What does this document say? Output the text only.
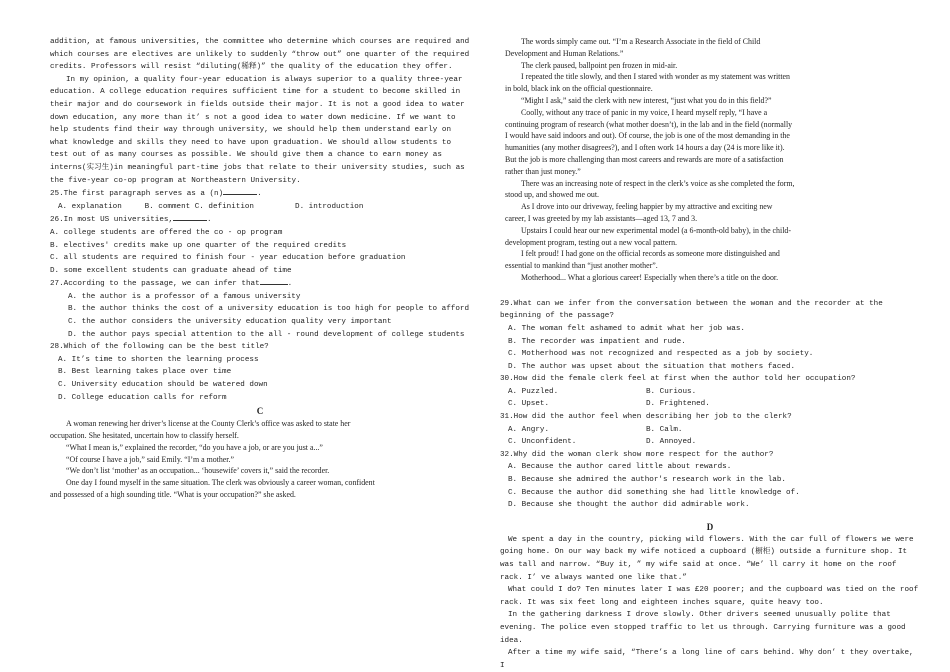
addition, at famous universities, the committee who determine which courses are required and which courses are electives are unlikely to suddenly “throw out” one quarter of the required credits. Professors will resist “diluting(稀释)” the quality of the education they offer.

In my opinion, a quality four-year education is always superior to a quality three-year education. A college education requires sufficient time for a student to become skilled in their major and do coursework in fields outside their major. It is not a good idea to water down education, any more than it’ s not a good idea to water down medicine. If we want to help students find their way through university, we should help them understand early on what knowledge and skills they need to have upon graduation. We should allow students to test out of as many courses as possible. We should give them a chance to earn money as interns(实习生)in meaningful part-time jobs that relate to their university studies, such as the five-year co-op program at Northeastern University.

25.The first paragraph serves as a (n)	.

A. explanation	B. comment C. definition	D. introduction

26.In most US universities,	.

A. college students are offered the co - op program

B. electives' credits make up one quarter of the required credits

C. all students are required to finish four - year education before graduation

D. some excellent students can graduate ahead of time

27.According to the passage, we can infer that	.

A. the author is a professor of a famous university

B. the author thinks the cost of a university education is too high for people to afford

C. the author considers the university education quality very important

D. the author pays special attention to the all - round development of college students

28.Which of the following can be the best title?

A. It’s time to shorten the learning process

B. Best learning takes place over time

C. University education should be watered down

D. College education calls for reform

C

A woman renewing her driver’s license at the County Clerk’s office was asked to state her occupation. She hesitated, uncertain how to classify herself.

“What I mean is,” explained the recorder, “do you have a job, or are you just a...”

“Of course I have a job,” said Emily. “I’m a mother.”

“We don’t list ‘mother’ as an occupation... ‘housewife’ covers it,” said the recorder.

One day I found myself in the same situation. The clerk was obviously a career woman, confident and possessed of a high sounding title. “What is your occupation?” she asked.

The words simply came out. “I’m a Research Associate in the field of Child Development and Human Relations.”

The clerk paused, ballpoint pen frozen in mid-air.

I repeated the title slowly, and then I stared with wonder as my statement was written in bold, black ink on the official questionnaire.

“Might I ask,” said the clerk with new interest, “just what you do in this field?”

Coolly, without any trace of panic in my voice, I heard myself reply, “I have a continuing program of research (what mother doesn’t), in the lab and in the field (normally I would have said indoors and out). Of course, the job is one of the most demanding in the humanities (any mother disagrees?), and I often work 14 hours a day (24 is more like it). But the job is more challenging than most careers and rewards are more of a satisfaction rather than just money.”

There was an increasing note of respect in the clerk’s voice as she completed the form, stood up, and showed me out.

As I drove into our driveway, feeling happier by my attractive and exciting new career, I was greeted by my lab assistants—aged 13, 7 and 3.

Upstairs I could hear our new experimental model (a 6-month-old baby), in the child-development program, testing out a new vocal pattern.

I felt proud! I had gone on the official records as someone more distinguished and essential to mankind than “just another mother”.

Motherhood... What a glorious career! Especially when there’s a title on the door.

29.What can we infer from the conversation between the woman and the recorder at the beginning of the passage?

A. The woman felt ashamed to admit what her job was.

B. The recorder was impatient and rude.

C. Motherhood was not recognized and respected as a job by society.

D. The author was upset about the situation that mothers faced.

30.How did the female clerk feel at first when the author told her occupation?

A. Puzzled.	B. Curious.

C. Upset.	D. Frightened.

31.How did the author feel when describing her job to the clerk?

A. Angry.	B. Calm.

C. Unconfident.	D. Annoyed.

32.Why did the woman clerk show more respect for the author?

A. Because the author cared little about rewards.

B. Because she admired the author's research work in the lab.

C. Because the author did something she had little knowledge of.

D. Because she thought the author did admirable work.

D

We spent a day in the country, picking wild flowers. With the car full of flowers we were going home. On our way back my wife noticed a cupboard (橱柜) outside a furniture shop. It was tall and narrow. “Buy it, ” my wife said at once. “We’ ll carry it home on the roof rack. I’ ve always wanted one like that.”

What could I do? Ten minutes later I was £20 poorer; and the cupboard was tied on the roof rack. It was six feet long and eighteen inches square, quite heavy too.

In the gathering darkness I drove slowly. Other drivers seemed unusually polite that evening. The police even stopped traffic to let us through. Carrying furniture was a good idea.

After a time my wife said, “There’s a long line of cars behind. Why don’ t they overtake, I
